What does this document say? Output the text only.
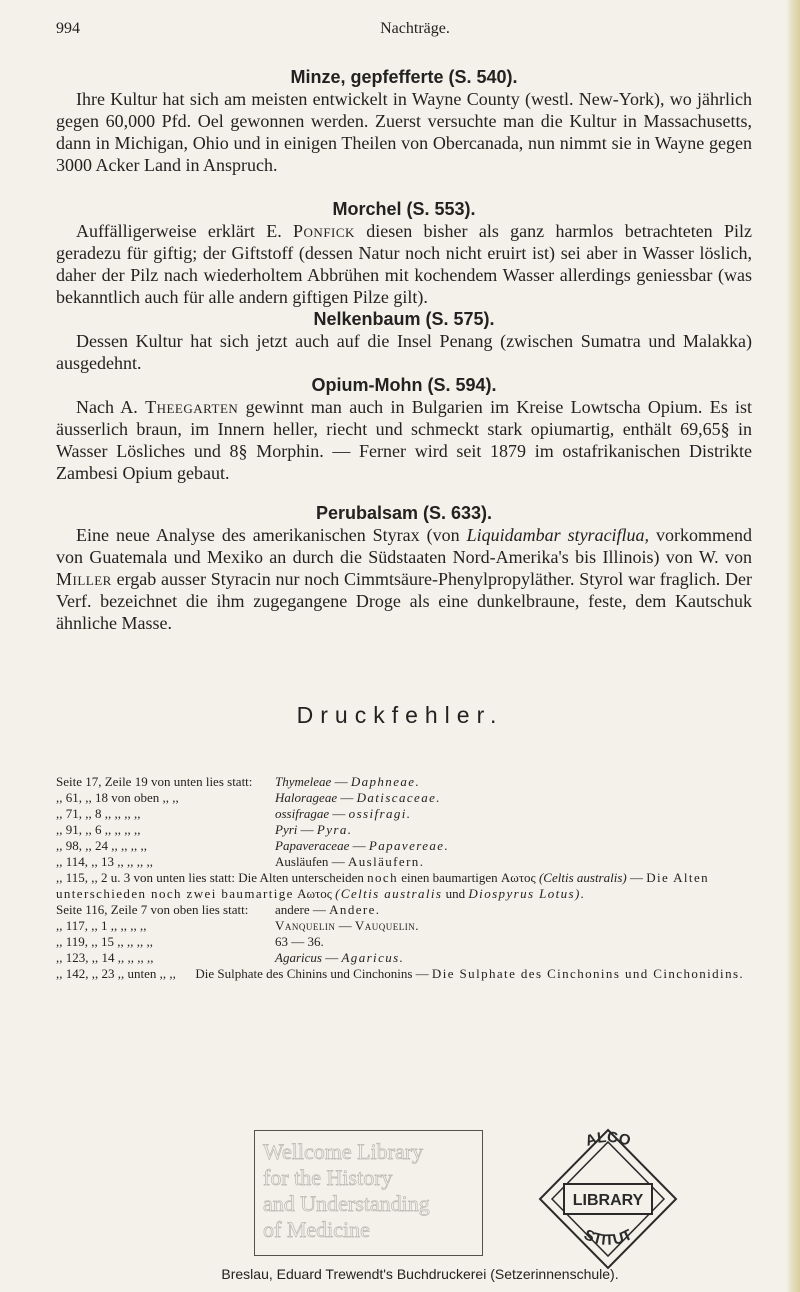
994	Nachträge.
Minze, gepfefferte (S. 540).

Ihre Kultur hat sich am meisten entwickelt in Wayne County (westl. New-York), wo jährlich gegen 60,000 Pfd. Oel gewonnen werden. Zuerst versuchte man die Kultur in Massachusetts, dann in Michigan, Ohio und in einigen Theilen von Obercanada, nun nimmt sie in Wayne gegen 3000 Acker Land in Anspruch.

Morchel (S. 553).

Auffälligerweise erklärt E. Ponfick diesen bisher als ganz harmlos betrachteten Pilz geradezu für giftig; der Giftstoff (dessen Natur noch nicht eruirt ist) sei aber in Wasser löslich, daher der Pilz nach wiederholtem Abbrühen mit kochendem Wasser allerdings geniessbar (was bekanntlich auch für alle andern giftigen Pilze gilt).

Nelkenbaum (S. 575).

Dessen Kultur hat sich jetzt auch auf die Insel Penang (zwischen Sumatra und Malakka) ausgedehnt.

Opium-Mohn (S. 594).

Nach A. Theegarten gewinnt man auch in Bulgarien im Kreise Lowtscha Opium. Es ist äusserlich braun, im Innern heller, riecht und schmeckt stark opiumartig, enthält 69,65§ in Wasser Lösliches und 8§ Morphin. — Ferner wird seit 1879 im ostafrikanischen Distrikte Zambesi Opium gebaut.

Perubalsam (S. 633).

Eine neue Analyse des amerikanischen Styrax (von Liquidambar styraciflua, vorkommend von Guatemala und Mexiko an durch die Südstaaten Nord-Amerika's bis Illinois) von W. von Miller ergab ausser Styracin nur noch Cimmtsäure-Phenylpropyläther. Styrol war fraglich. Der Verf. bezeichnet die ihm zugegangene Droge als eine dunkelbraune, feste, dem Kautschuk ähnliche Masse.

Druckfehler.
Seite 17, Zeile 19 von unten lies statt: Thymeleae — Daphneae.
,, 61, ,, 18 von oben ,, ,,	Halorageae — Datiscaceae.
,, 71, ,, 8 ,, ,, ,, ,,	ossifragae — ossifragi.
,, 91, ,, 6 ,, ,, ,, ,,	Pyri — Pyra.
,, 98, ,, 24 ,, ,, ,, ,,	Papaveraceae — Papavereae.
,, 114, ,, 13 ,, ,, ,, ,,	Ausläufen — Ausläufern.
,, 115, ,, 2 u. 3 von unten lies statt: Die Alten unterscheiden noch einen baumartigen Αωτος (Celtis australis) — Die Alten unterschieden noch zwei baumartige Αωτος (Celtis australis und Diospyrus Lotus).
Seite 116, Zeile 7 von oben lies statt: andere — Andere.
,, 117, ,, 1 ,, ,, ,, ,,	Vanquelin — Vauquelin.
,, 119, ,, 15 ,, ,, ,, ,,	63 — 36.
,, 123, ,, 14 ,, ,, ,, ,,	Agaricus — Agaricus.
,, 142, ,, 23 ,, unten ,, ,, Die Sulphate des Chinins und Cinchonins — Die Sulphate des Cinchonins und Cinchonidins.
Wellcome Library
for the History
and Understanding
of Medicine
ALCO
LIBRARY
STITUT
Breslau, Eduard Trewendt's Buchdruckerei (Setzerinnenschule).
